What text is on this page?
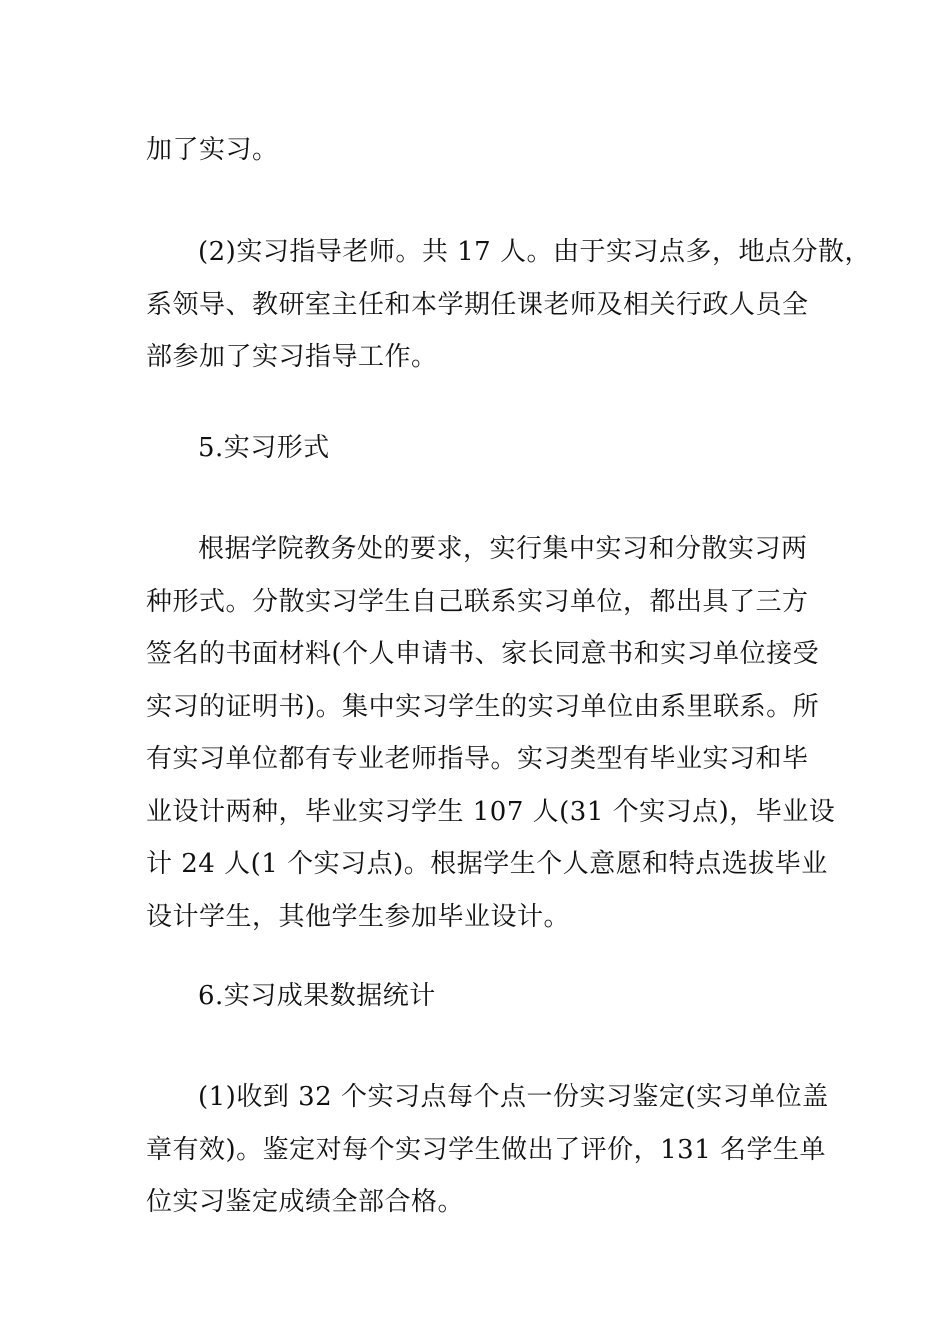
加了实习。
(2)实习指导老师。共 17 人。由于实习点多，地点分散，
系领导、教研室主任和本学期任课老师及相关行政人员全
部参加了实习指导工作。
5.实习形式
根据学院教务处的要求，实行集中实习和分散实习两
种形式。分散实习学生自己联系实习单位，都出具了三方
签名的书面材料(个人申请书、家长同意书和实习单位接受
实习的证明书)。集中实习学生的实习单位由系里联系。所
有实习单位都有专业老师指导。实习类型有毕业实习和毕
业设计两种，毕业实习学生 107 人(31 个实习点)，毕业设
计 24 人(1 个实习点)。根据学生个人意愿和特点选拔毕业
设计学生，其他学生参加毕业设计。
6.实习成果数据统计
(1)收到 32 个实习点每个点一份实习鉴定(实习单位盖
章有效)。鉴定对每个实习学生做出了评价，131 名学生单
位实习鉴定成绩全部合格。
